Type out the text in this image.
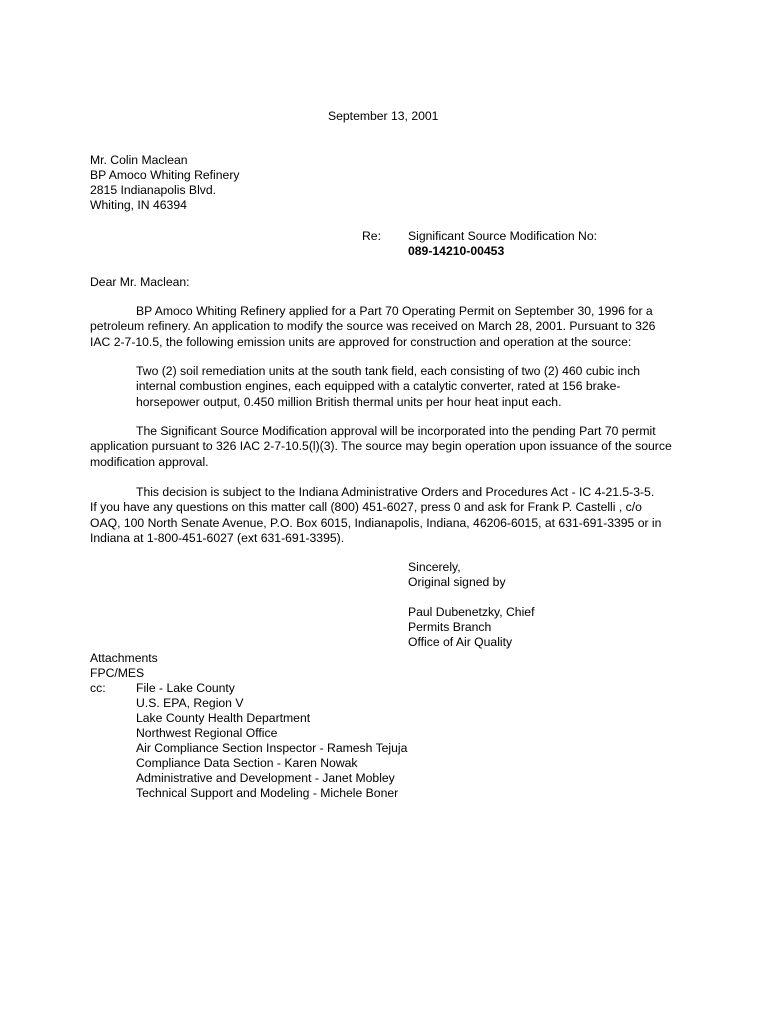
September 13, 2001
Mr. Colin Maclean
BP Amoco Whiting Refinery
2815 Indianapolis Blvd.
Whiting, IN 46394
Re: Significant Source Modification No:
089-14210-00453
Dear Mr. Maclean:

BP Amoco Whiting Refinery applied for a Part 70 Operating Permit on September 30, 1996 for a
petroleum refinery. An application to modify the source was received on March 28, 2001. Pursuant to 326
IAC 2-7-10.5, the following emission units are approved for construction and operation at the source:

Two (2) soil remediation units at the south tank field, each consisting of two (2) 460 cubic inch
internal combustion engines, each equipped with a catalytic converter, rated at 156 brake-
horsepower output, 0.450 million British thermal units per hour heat input each.

The Significant Source Modification approval will be incorporated into the pending Part 70 permit
application pursuant to 326 IAC 2-7-10.5(l)(3). The source may begin operation upon issuance of the source
modification approval.

This decision is subject to the Indiana Administrative Orders and Procedures Act - IC 4-21.5-3-5.
If you have any questions on this matter call (800) 451-6027, press 0 and ask for Frank P. Castelli , c/o
OAQ, 100 North Senate Avenue, P.O. Box 6015, Indianapolis, Indiana, 46206-6015, at 631-691-3395 or in
Indiana at 1-800-451-6027 (ext 631-691-3395).

Sincerely,
Original signed by
Paul Dubenetzky, Chief
Permits Branch
Office of Air Quality
Attachments
FPC/MES
cc:	File - Lake County
U.S. EPA, Region V
Lake County Health Department
Northwest Regional Office
Air Compliance Section Inspector - Ramesh Tejuja
Compliance Data Section - Karen Nowak
Administrative and Development - Janet Mobley
Technical Support and Modeling - Michele Boner
